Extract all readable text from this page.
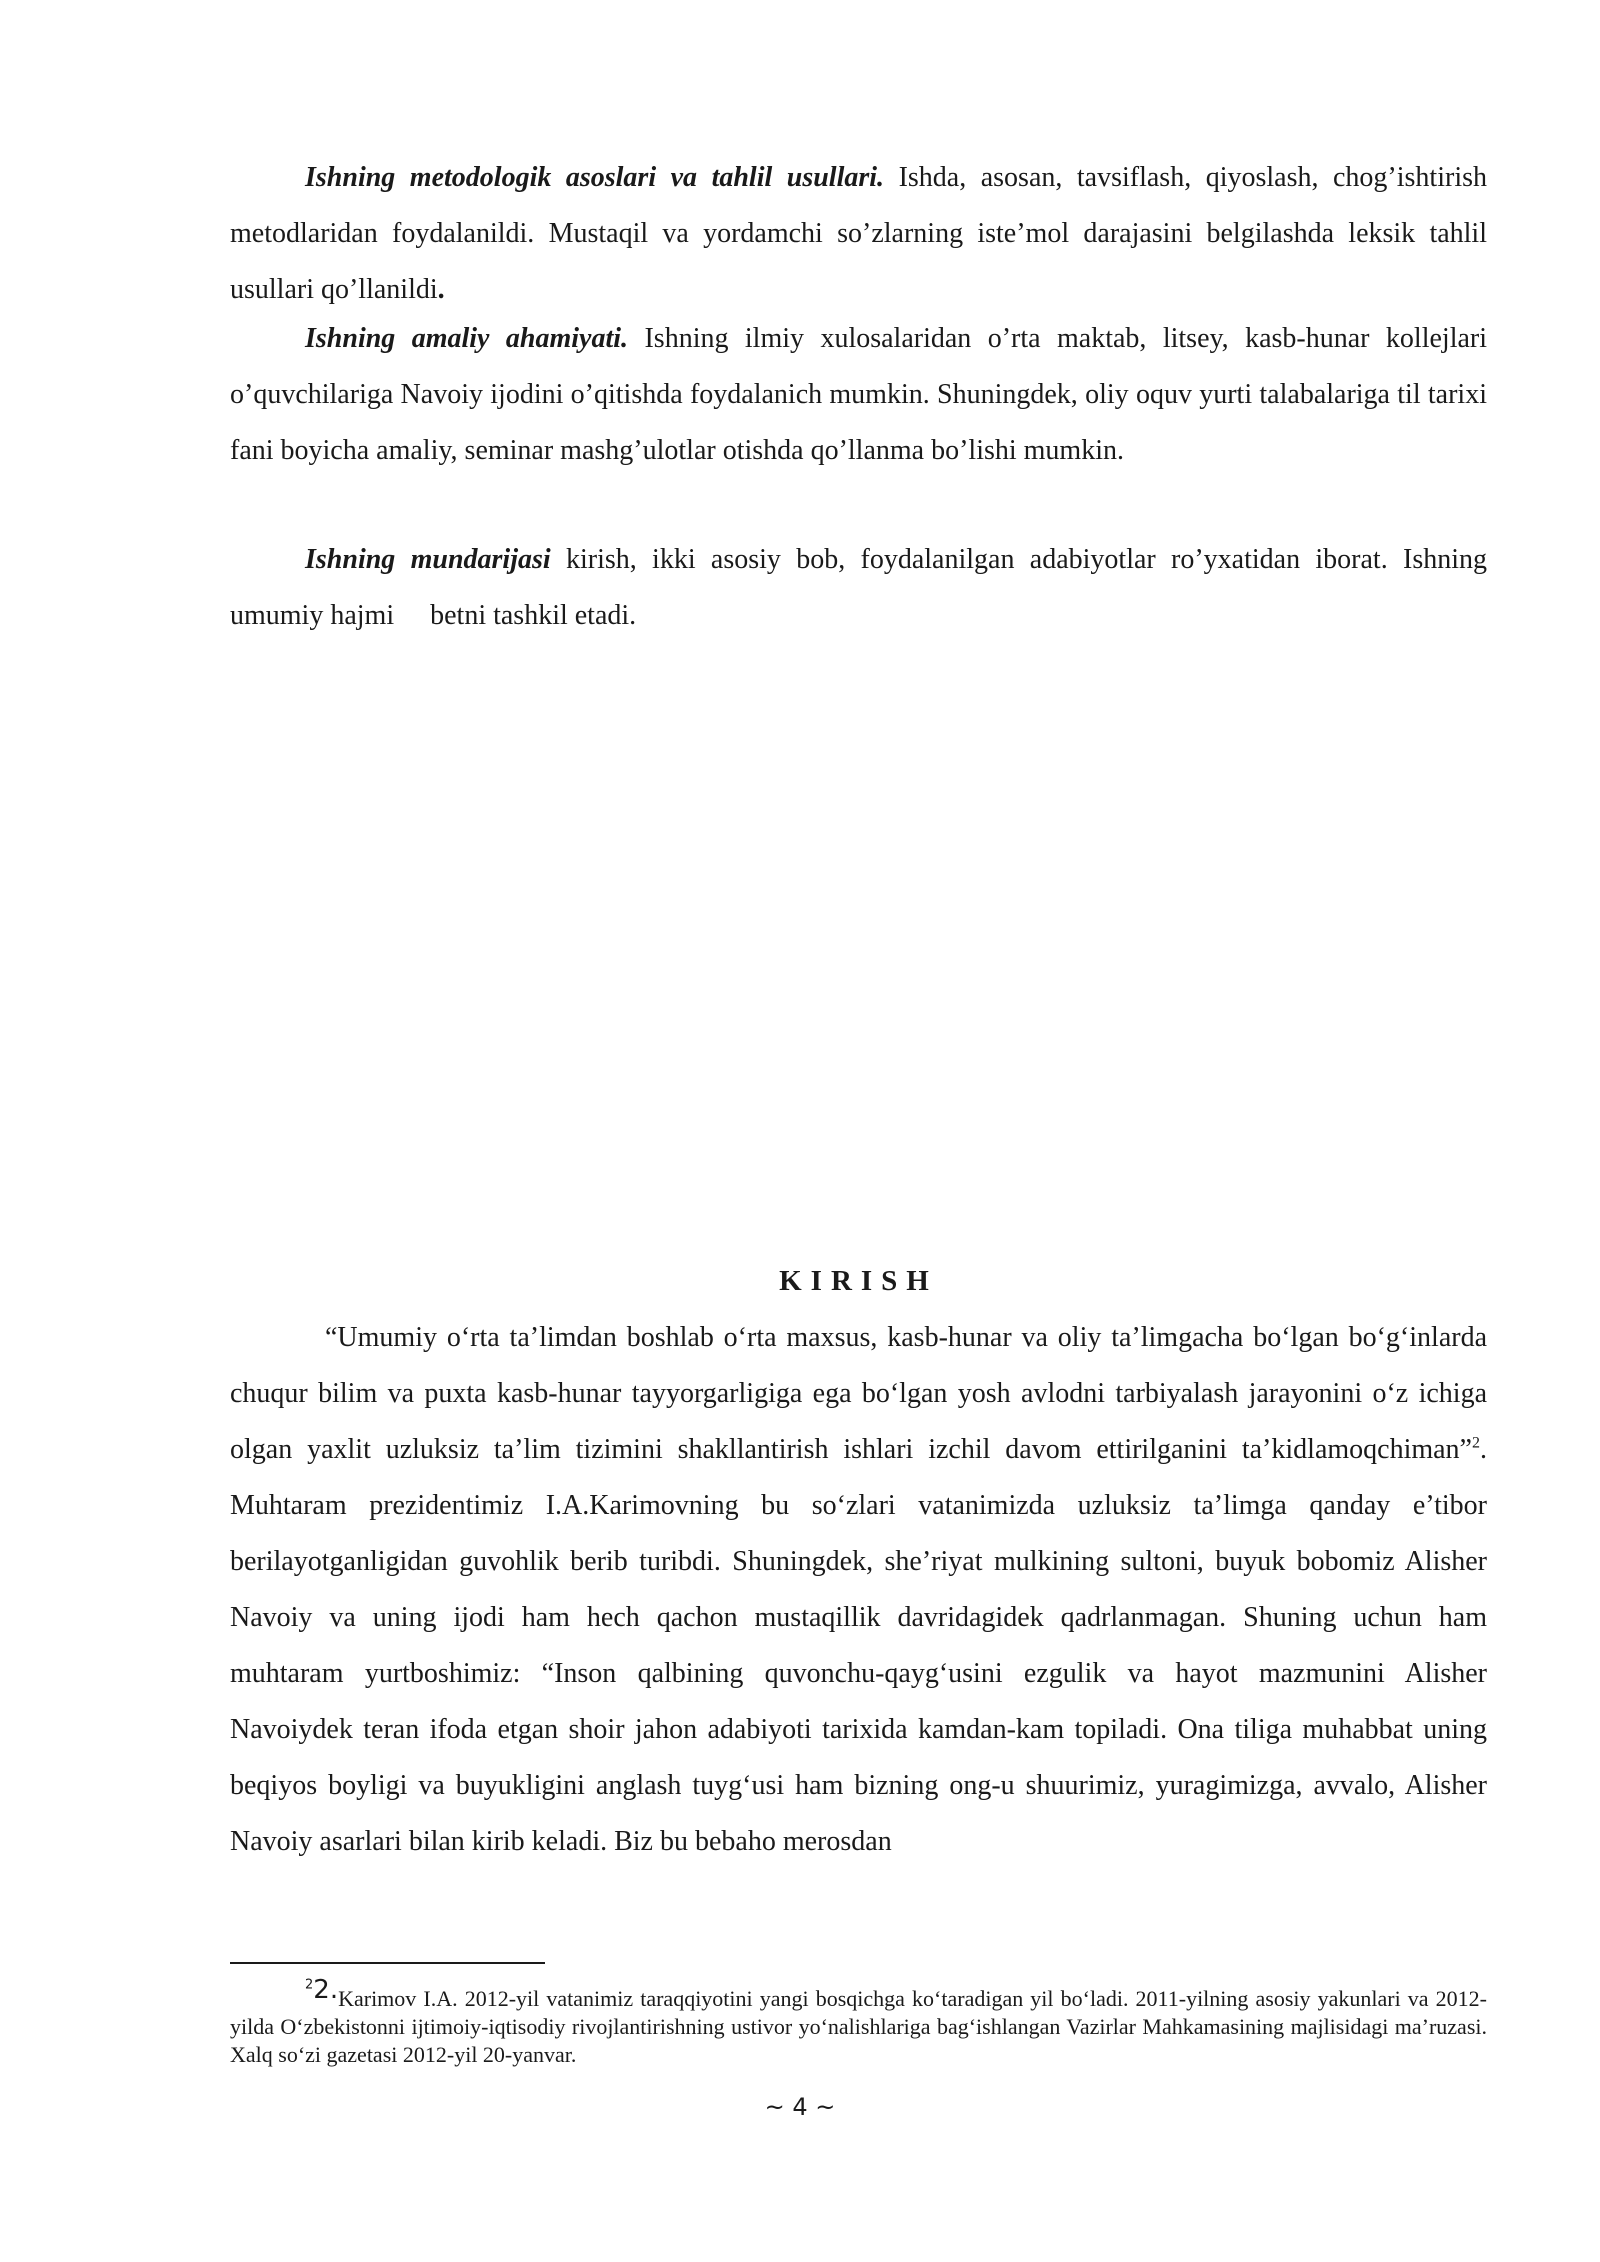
Ishning metodologik asoslari va tahlil usullari. Ishda, asosan, tavsiflash, qiyoslash, chog’ishtirish metodlaridan foydalanildi. Mustaqil va yordamchi so’zlarning iste’mol darajasini belgilashda leksik tahlil usullari qo’llanildi.

Ishning amaliy ahamiyati. Ishning ilmiy xulosalaridan o’rta maktab, litsey, kasb-hunar kollejlari o’quvchilariga Navoiy ijodini o’qitishda foydalanich mumkin. Shuningdek, oliy oquv yurti talabalariga til tarixi fani boyicha amaliy, seminar mashg’ulotlar otishda qo’llanma bo’lishi mumkin.

Ishning mundarijasi kirish, ikki asosiy bob, foydalanilgan adabiyotlar ro’yxatidan iborat. Ishning umumiy hajmi betni tashkil etadi.

KIRISH

“Umumiy o‘rta ta’limdan boshlab o‘rta maxsus, kasb-hunar va oliy ta’limgacha bo‘lgan bo‘g‘inlarda chuqur bilim va puxta kasb-hunar tayyorgarligiga ega bo‘lgan yosh avlodni tarbiyalash jarayonini o‘z ichiga olgan yaxlit uzluksiz ta’lim tizimini shakllantirish ishlari izchil davom ettirilganini ta’kidlamoqchiman”$^2$. Muhtaram prezidentimiz I.A.Karimovning bu so‘zlari vatanimizda uzluksiz ta’limga qanday e’tibor berilayotganligidan guvohlik berib turibdi. Shuningdek, she’riyat mulkining sultoni, buyuk bobomiz Alisher Navoiy va uning ijodi ham hech qachon mustaqillik davridagidek qadrlanmagan. Shuning uchun ham muhtaram yurtboshimiz: “Inson qalbining quvonchu-qayg‘usini ezgulik va hayot mazmunini Alisher Navoiydek teran ifoda etgan shoir jahon adabiyoti tarixida kamdan-kam topiladi. Ona tiliga muhabbat uning beqiyos boyligi va buyukligini anglash tuyg‘usi ham bizning ong-u shuurimiz, yuragimizga, avvalo, Alisher Navoiy asarlari bilan kirib keladi. Biz bu bebaho merosdan

$^2$2.Karimov I.A. 2012-yil vatanimiz taraqqiyotini yangi bosqichga ko‘taradigan yil bo‘ladi. 2011-yilning asosiy yakunlari va 2012-yilda O‘zbekistonni ijtimoiy-iqtisodiy rivojlantirishning ustivor yo‘nalishlariga bag‘ishlangan Vazirlar Mahkamasining majlisidagi ma’ruzasi. Xalq so‘zi gazetasi 2012-yil 20-yanvar.

~ 4 ~
